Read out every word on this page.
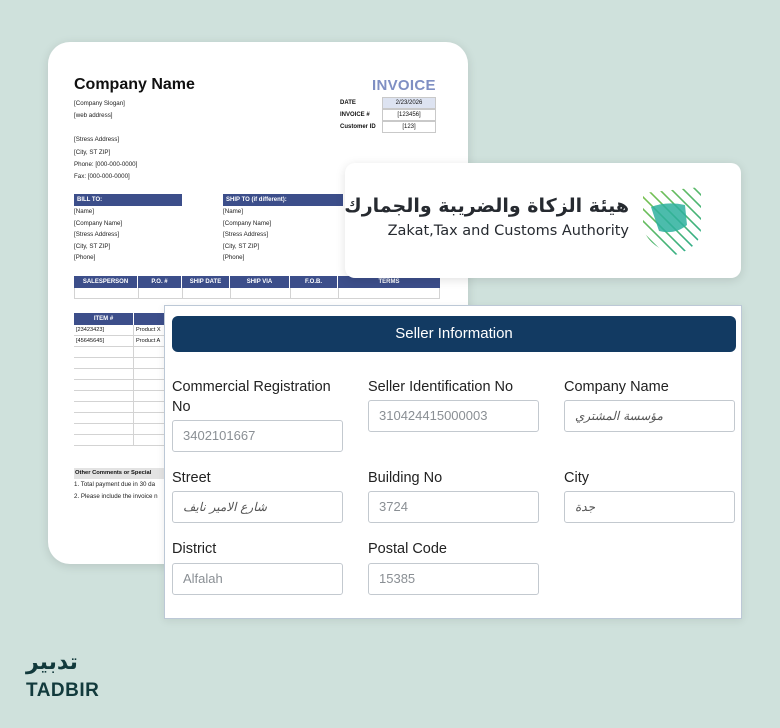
Company Name	INVOICE
[Company Slogan]
[web address]
[Stress Address]
[City, ST ZIP]
Phone: [000-000-0000]
Fax: [000-000-0000]
DATE	2/23/2026
INVOICE #	[123456]
Customer ID	[123]
BILL TO:
[Name]
[Company Name]
[Stress Address]
[City, ST ZIP]
[Phone]
SHIP TO (if different):
[Name]
[Company Name]
[Stress Address]
[City, ST ZIP]
[Phone]
SALESPERSON	P.O. #	SHIP DATE	SHIP VIA	F.O.B.	TERMS
ITEM #
[23423423]	Product X
[45645645]	Product A
Other Comments or Special
1. Total payment due in 30 da
2. Please include the invoice n
هيئة الزكاة والضريبة والجمارك
Zakat,Tax and Customs Authority
Seller Information
Commercial Registration No
3402101667
Seller Identification No
310424415000003
Company Name
مؤسسة المشتري
Street
شارع الامير نايف
Building No
3724
City
جدة
District
Alfalah
Postal Code
15385
تدبير
TADBIR
